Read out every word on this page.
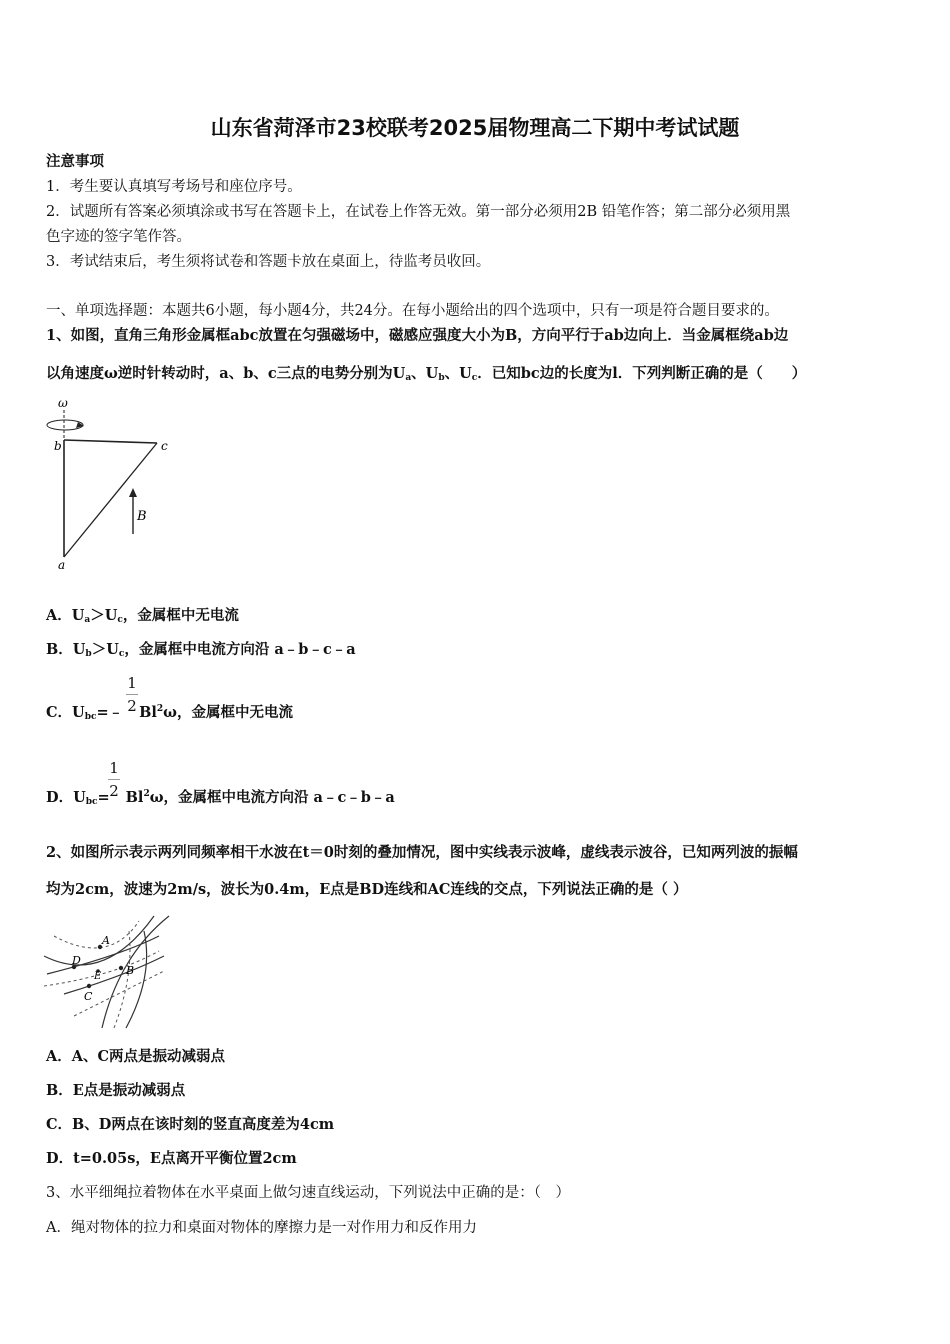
山东省菏泽市23校联考2025届物理高二下期中考试试题
注意事项
1．考生要认真填写考场号和座位序号。
2．试题所有答案必须填涂或书写在答题卡上，在试卷上作答无效。第一部分必须用2B 铅笔作答；第二部分必须用黑
色字迹的签字笔作答。
3．考试结束后，考生须将试卷和答题卡放在桌面上，待监考员收回。
一、单项选择题：本题共6小题，每小题4分，共24分。在每小题给出的四个选项中，只有一项是符合题目要求的。
1、如图，直角三角形金属框abc放置在匀强磁场中，磁感应强度大小为B，方向平行于ab边向上．当金属框绕ab边
以角速度ω逆时针转动时，a、b、c三点的电势分别为$U_a$、$U_b$、$U_c$．已知bc边的长度为l．下列判断正确的是（　　）
ω
b	c
a
B
A．$U_a>U_c$，金属框中无电流
B．$U_b>U_c$，金属框中电流方向沿 a﹣b﹣c﹣a
C．$U_{bc}=﹣$ Bl$^2$ω，金属框中无电流
1
2
D．$U_{bc}= Bl^2\omega$，金属框中电流方向沿 a﹣c﹣b﹣a
1
2
2、如图所示表示两列同频率相干水波在t＝0时刻的叠加情况，图中实线表示波峰，虚线表示波谷，已知两列波的振幅
均为2cm，波速为2m/s，波长为0.4m，E点是BD连线和AC连线的交点，下列说法正确的是（ ）
A
D
B
C
E
A．A、C两点是振动减弱点
B．E点是振动减弱点
C．B、D两点在该时刻的竖直高度差为4cm
D．t=0.05s，E点离开平衡位置2cm
3、水平细绳拉着物体在水平桌面上做匀速直线运动，下列说法中正确的是：（　）
A．绳对物体的拉力和桌面对物体的摩擦力是一对作用力和反作用力
